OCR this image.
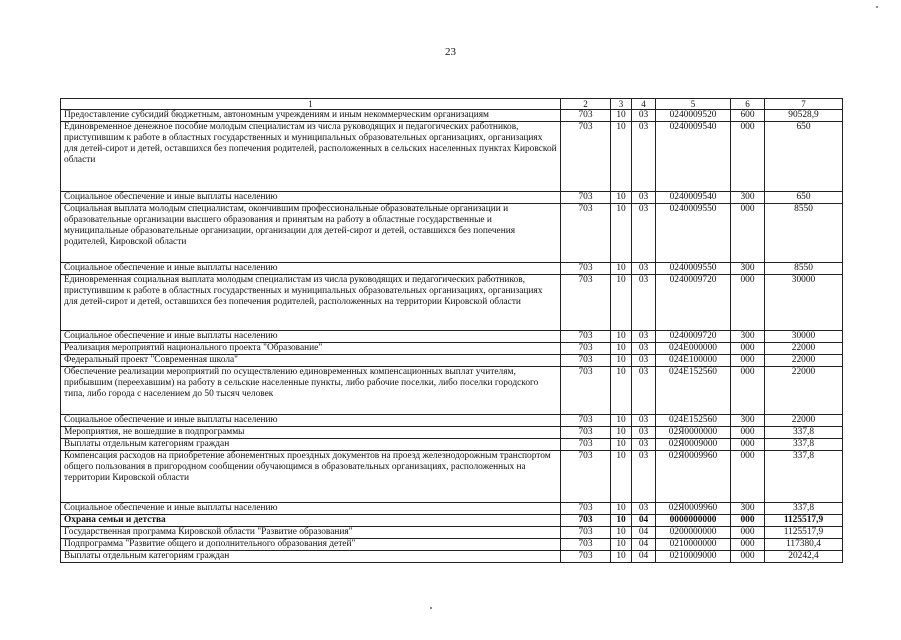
23
1	2	3	4	5	6	7
Предоставление субсидий бюджетным, автономным учреждениям и иным некоммерческим организациям	703	10	03	0240009520	600	90528,9
Единовременное денежное пособие молодым специалистам из числа руководящих и педагогических работников, приступившим к работе в областных государственных и муниципальных образовательных организациях, организациях для детей-сирот и детей, оставшихся без попечения родителей, расположенных в сельских населенных пунктах Кировской области	703	10	03	0240009540	000	650
Социальное обеспечение и иные выплаты населению	703	10	03	0240009540	300	650
Социальная выплата молодым специалистам, окончившим профессиональные образовательные организации и образовательные организации высшего образования и принятым на работу в областные государственные и муниципальные образовательные организации, организации для детей-сирот и детей, оставшихся без попечения родителей, Кировской области	703	10	03	0240009550	000	8550
Социальное обеспечение и иные выплаты населению	703	10	03	0240009550	300	8550
Единовременная социальная выплата молодым специалистам из числа руководящих и педагогических работников, приступившим к работе в областных государственных и муниципальных образовательных организациях, организациях для детей-сирот и детей, оставшихся без попечения родителей, расположенных на территории Кировской области	703	10	03	0240009720	000	30000
Социальное обеспечение и иные выплаты населению	703	10	03	0240009720	300	30000
Реализация мероприятий национального проекта "Образование"	703	10	03	024E000000	000	22000
Федеральный проект "Современная школа"	703	10	03	024E100000	000	22000
Обеспечение реализации мероприятий по осуществлению единовременных компенсационных выплат учителям, прибывшим (переехавшим) на работу в сельские населенные пункты, либо рабочие поселки, либо поселки городского типа, либо города с населением до 50 тысяч человек	703	10	03	024E152560	000	22000
Социальное обеспечение и иные выплаты населению	703	10	03	024E152560	300	22000
Мероприятия, не вошедшие в подпрограммы	703	10	03	02Я0000000	000	337,8
Выплаты отдельным категориям граждан	703	10	03	02Я0009000	000	337,8
Компенсация расходов на приобретение абонементных проездных документов на проезд железнодорожным транспортом общего пользования в пригородном сообщении обучающимся в образовательных организациях, расположенных на территории Кировской области	703	10	03	02Я0009960	000	337,8
Социальное обеспечение и иные выплаты населению	703	10	03	02Я0009960	300	337,8
Охрана семьи и детства	703	10	04	0000000000	000	1125517,9
Государственная программа Кировской области "Развитие образования"	703	10	04	0200000000	000	1125517,9
Подпрограмма "Развитие общего и дополнительного образования детей"	703	10	04	0210000000	000	117380,4
Выплаты отдельным категориям граждан	703	10	04	0210009000	000	20242,4
